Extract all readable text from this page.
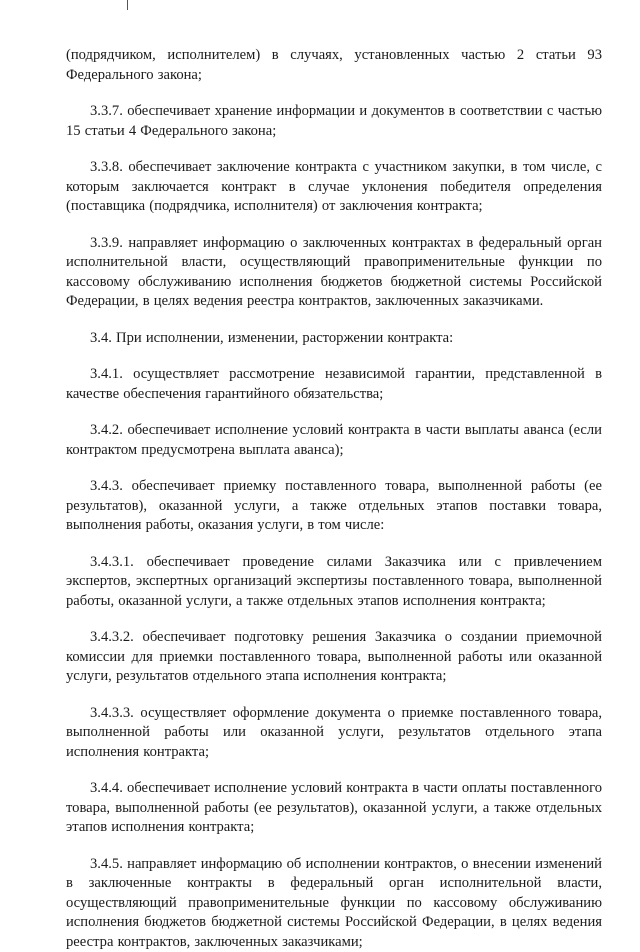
(подрядчиком, исполнителем) в случаях, установленных частью 2 статьи 93 Федерального закона;

3.3.7. обеспечивает хранение информации и документов в соответствии с частью 15 статьи 4 Федерального закона;

3.3.8. обеспечивает заключение контракта с участником закупки, в том числе, с которым заключается контракт в случае уклонения победителя определения (поставщика (подрядчика, исполнителя) от заключения контракта;

3.3.9. направляет информацию о заключенных контрактах в федеральный орган исполнительной власти, осуществляющий правоприменительные функции по кассовому обслуживанию исполнения бюджетов бюджетной системы Российской Федерации, в целях ведения реестра контрактов, заключенных заказчиками.

3.4. При исполнении, изменении, расторжении контракта:

3.4.1. осуществляет рассмотрение независимой гарантии, представленной в качестве обеспечения гарантийного обязательства;

3.4.2. обеспечивает исполнение условий контракта в части выплаты аванса (если контрактом предусмотрена выплата аванса);

3.4.3. обеспечивает приемку поставленного товара, выполненной работы (ее результатов), оказанной услуги, а также отдельных этапов поставки товара, выполнения работы, оказания услуги, в том числе:

3.4.3.1. обеспечивает проведение силами Заказчика или с привлечением экспертов, экспертных организаций экспертизы поставленного товара, выполненной работы, оказанной услуги, а также отдельных этапов исполнения контракта;

3.4.3.2. обеспечивает подготовку решения Заказчика о создании приемочной комиссии для приемки поставленного товара, выполненной работы или оказанной услуги, результатов отдельного этапа исполнения контракта;

3.4.3.3. осуществляет оформление документа о приемке поставленного товара, выполненной работы или оказанной услуги, результатов отдельного этапа исполнения контракта;

3.4.4. обеспечивает исполнение условий контракта в части оплаты поставленного товара, выполненной работы (ее результатов), оказанной услуги, а также отдельных этапов исполнения контракта;

3.4.5. направляет информацию об исполнении контрактов, о внесении изменений в заключенные контракты в федеральный орган исполнительной власти, осуществляющий правоприменительные функции по кассовому обслуживанию исполнения бюджетов бюджетной системы Российской Федерации, в целях ведения реестра контрактов, заключенных заказчиками;
